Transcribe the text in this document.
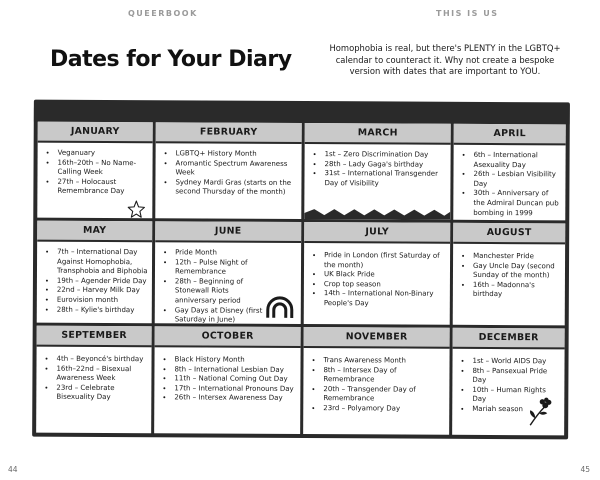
QUEERBOOK	THIS IS US
Dates for Your Diary	Homophobia is real, but there's PLENTY in the LGBTQ+ calendar to counteract it. Why not create a bespoke version with dates that are important to YOU.

JANUARY
• Veganuary
• 16th–20th – No Name-Calling Week
• 27th – Holocaust Remembrance Day
FEBRUARY
• LGBTQ+ History Month
• Aromantic Spectrum Awareness Week
• Sydney Mardi Gras (starts on the second Thursday of the month)
MARCH
• 1st – Zero Discrimination Day
• 28th – Lady Gaga's birthday
• 31st – International Transgender Day of Visibility
APRIL
• 6th – International Asexuality Day
• 26th – Lesbian Visibility Day
• 30th – Anniversary of the Admiral Duncan pub bombing in 1999
MAY
• 7th – International Day Against Homophobia, Transphobia and Biphobia
• 19th – Agender Pride Day
• 22nd – Harvey Milk Day
• Eurovision month
• 28th – Kylie's birthday
JUNE
• Pride Month
• 12th – Pulse Night of Remembrance
• 28th – Beginning of Stonewall Riots anniversary period
• Gay Days at Disney (first Saturday in June)
JULY
• Pride in London (first Saturday of the month)
• UK Black Pride
• Crop top season
• 14th – International Non-Binary People's Day
AUGUST
• Manchester Pride
• Gay Uncle Day (second Sunday of the month)
• 16th – Madonna's birthday
SEPTEMBER
• 4th – Beyoncé's birthday
• 16th–22nd – Bisexual Awareness Week
• 23rd – Celebrate Bisexuality Day
OCTOBER
• Black History Month
• 8th – International Lesbian Day
• 11th – National Coming Out Day
• 17th – International Pronouns Day
• 26th – Intersex Awareness Day
NOVEMBER
• Trans Awareness Month
• 8th – Intersex Day of Remembrance
• 20th – Transgender Day of Remembrance
• 23rd – Polyamory Day
DECEMBER
• 1st – World AIDS Day
• 8th – Pansexual Pride Day
• 10th – Human Rights Day
• Mariah season
44	45
